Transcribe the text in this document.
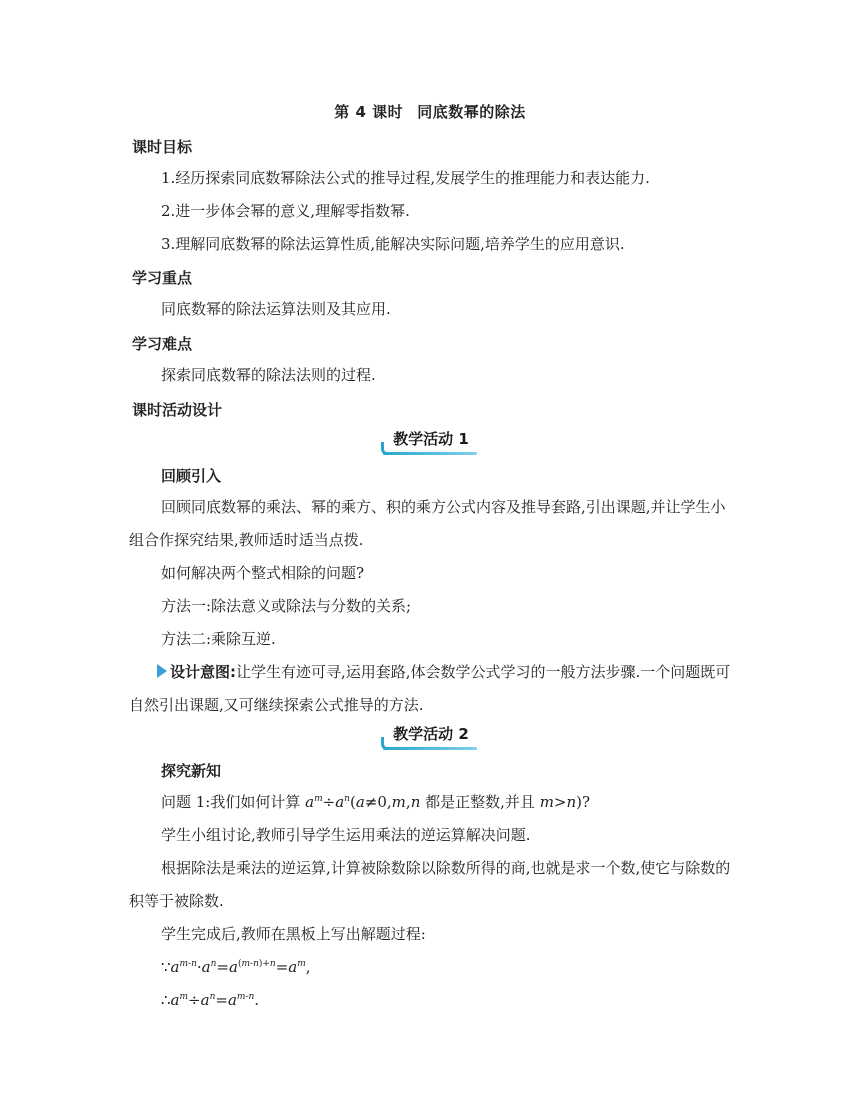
第 4 课时 同底数幂的除法
课时目标
1.经历探索同底数幂除法公式的推导过程,发展学生的推理能力和表达能力.
2.进一步体会幂的意义,理解零指数幂.
3.理解同底数幂的除法运算性质,能解决实际问题,培养学生的应用意识.
学习重点
同底数幂的除法运算法则及其应用.
学习难点
探索同底数幂的除法法则的过程.
课时活动设计
教学活动 1
回顾引入
回顾同底数幂的乘法、幂的乘方、积的乘方公式内容及推导套路,引出课题,并让学生小组合作探究结果,教师适时适当点拨.
如何解决两个整式相除的问题?
方法一:除法意义或除法与分数的关系;
方法二:乘除互逆.
设计意图:让学生有迹可寻,运用套路,体会数学公式学习的一般方法步骤.一个问题既可自然引出课题,又可继续探索公式推导的方法.
教学活动 2
探究新知
问题 1:我们如何计算 $a^m\div a^n(a\ne 0,m,n$ 都是正整数,并且 m>n)?
学生小组讨论,教师引导学生运用乘法的逆运算解决问题.
根据除法是乘法的逆运算,计算被除数除以除数所得的商,也就是求一个数,使它与除数的积等于被除数.
学生完成后,教师在黑板上写出解题过程:
$\because a^{m-n}\cdot a^n=a^{(m-n)+n}=a^m$,
$\therefore a^m\div a^n=a^{m-n}$.
